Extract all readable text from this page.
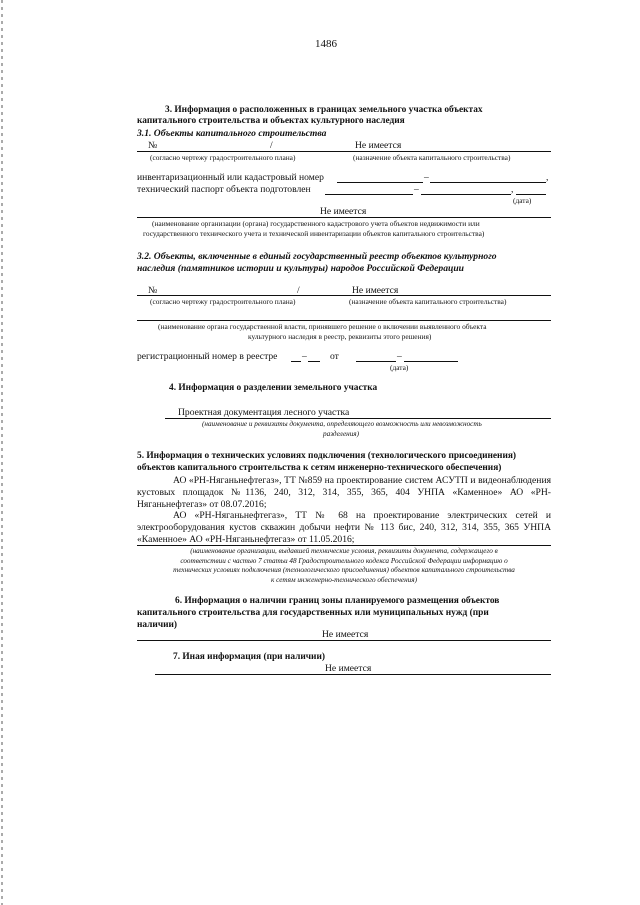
1486
3. Информация о расположенных в границах земельного участка объектах
капитального строительства и объектах культурного наследия
3.1. Объекты капитального строительства
№	/	Не имеется
(согласно чертежу градостроительного плана)	(назначение объекта капитального строительства)
инвентаризационный или кадастровый номер	–	,
технический паспорт объекта подготовлен	–	,
(дата)
Не имеется
(наименование организации (органа) государственного кадастрового учета объектов недвижимости или
государственного технического учета и технической инвентаризации объектов капитального строительства)
3.2. Объекты, включенные в единый государственный реестр объектов культурного
наследия (памятников истории и культуры) народов Российской Федерации
№	/	Не имеется
(согласно чертежу градостроительного плана)	(назначение объекта капитального строительства)
(наименование органа государственной власти, принявшего решение о включении выявленного объекта
культурного наследия в реестр, реквизиты этого решения)
регистрационный номер в реестре	– от	–
(дата)
4. Информация о разделении земельного участка
Проектная документация лесного участка
(наименование и реквизиты документа, определяющего возможность или невозможность
разделения)
5. Информация о технических условиях подключения (технологического присоединения)
объектов капитального строительства к сетям инженерно-технического обеспечения)
АО «РН-Няганьнефтегаз», ТТ №859 на проектирование систем АСУТП и видеонаблюдения кустовых площадок №1136, 240, 312, 314, 355, 365, 404 УНПА «Каменное» АО «РН-Няганьнефтегаз» от 08.07.2016;
АО «РН-Няганьнефтегаз», ТТ № 68 на проектирование электрических сетей и электрооборудования кустов скважин добычи нефти № 113 бис, 240, 312, 314, 355, 365 УНПА «Каменное» АО «РН-Няганьнефтегаз» от 11.05.2016;
(наименование организации, выдавшей технические условия, реквизиты документа, содержащего в
соответствии с частью 7 статьи 48 Градостроительного кодекса Российской Федерации информацию о
технических условиях подключения (технологического присоединения) объектов капитального строительства
к сетям инженерно-технического обеспечения)
6. Информация о наличии границ зоны планируемого размещения объектов
капитального строительства для государственных или муниципальных нужд (при
наличии)
Не имеется
7. Иная информация (при наличии)
Не имеется
